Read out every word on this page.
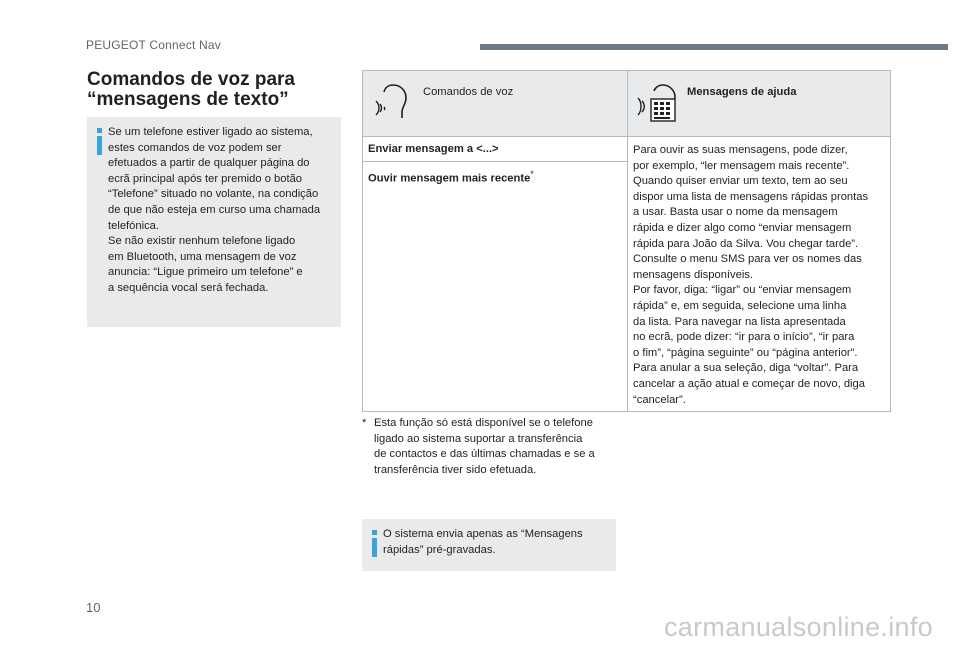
PEUGEOT Connect Nav
Comandos de voz para
“mensagens de texto”

Se um telefone estiver ligado ao sistema,
estes comandos de voz podem ser
efetuados a partir de qualquer página do
ecrã principal após ter premido o botão
“Telefone” situado no volante, na condição
de que não esteja em curso uma chamada
telefónica.
Se não existir nenhum telefone ligado
em Bluetooth, uma mensagem de voz
anuncia: “Ligue primeiro um telefone” e
a sequência vocal será fechada.

Comandos de voz	Mensagens de ajuda
Enviar mensagem a <...>
Ouvir mensagem mais recente*
Para ouvir as suas mensagens, pode dizer,
por exemplo, “ler mensagem mais recente”.
Quando quiser enviar um texto, tem ao seu
dispor uma lista de mensagens rápidas prontas
a usar. Basta usar o nome da mensagem
rápida e dizer algo como “enviar mensagem
rápida para João da Silva. Vou chegar tarde”.
Consulte o menu SMS para ver os nomes das
mensagens disponíveis.
Por favor, diga: “ligar” ou “enviar mensagem
rápida” e, em seguida, selecione uma linha
da lista. Para navegar na lista apresentada
no ecrã, pode dizer: “ir para o início”, “ir para
o fim”, “página seguinte” ou “página anterior”.
Para anular a sua seleção, diga “voltar”. Para
cancelar a ação atual e começar de novo, diga
“cancelar”.
* Esta função só está disponível se o telefone
ligado ao sistema suportar a transferência
de contactos e das últimas chamadas e se a
transferência tiver sido efetuada.

O sistema envia apenas as “Mensagens
rápidas” pré-gravadas.

10
carmanualsonline.info
